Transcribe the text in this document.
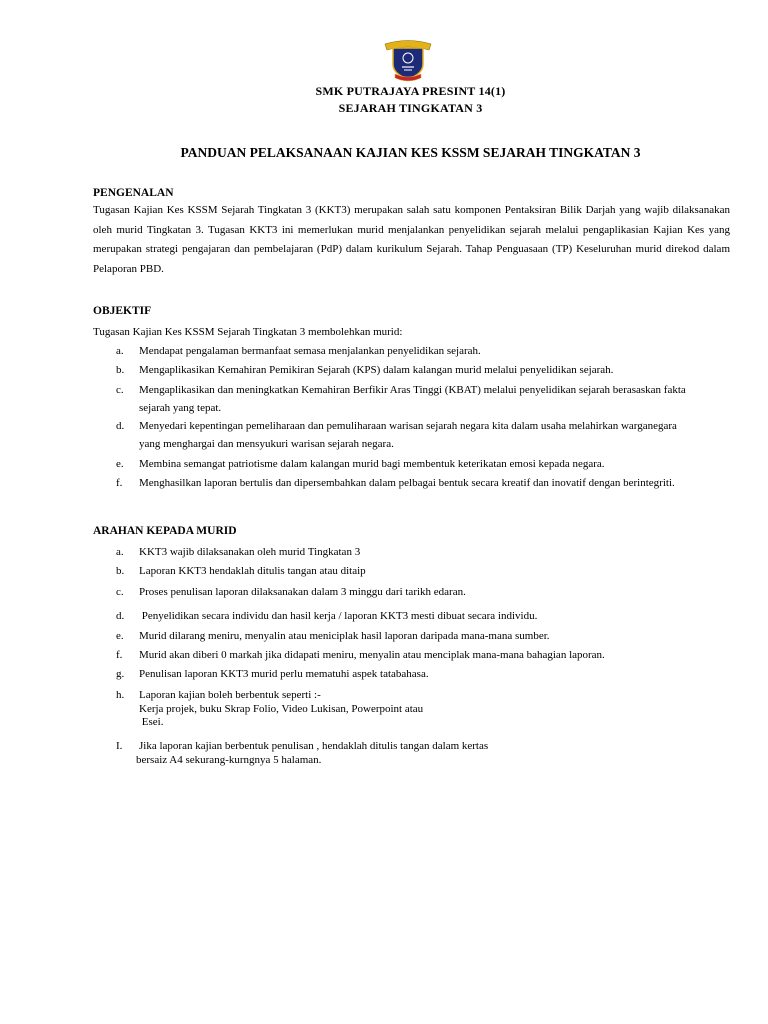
SMK PUTRAJAYA PRESINT 14(1)
SEJARAH TINGKATAN 3
PANDUAN PELAKSANAAN KAJIAN KES KSSM SEJARAH TINGKATAN 3
PENGENALAN
Tugasan Kajian Kes KSSM Sejarah Tingkatan 3 (KKT3) merupakan salah satu komponen Pentaksiran Bilik Darjah yang wajib dilaksanakan oleh murid Tingkatan 3. Tugasan KKT3 ini memerlukan murid menjalankan penyelidikan sejarah melalui pengaplikasian Kajian Kes yang merupakan strategi pengajaran dan pembelajaran (PdP) dalam kurikulum Sejarah. Tahap Penguasaan (TP) Keseluruhan murid direkod dalam Pelaporan PBD.
OBJEKTIF
Tugasan Kajian Kes KSSM Sejarah Tingkatan 3 membolehkan murid:
a.	Mendapat pengalaman bermanfaat semasa menjalankan penyelidikan sejarah.
b.	Mengaplikasikan Kemahiran Pemikiran Sejarah (KPS) dalam kalangan murid melalui penyelidikan sejarah.
c.	Mengaplikasikan dan meningkatkan Kemahiran Berfikir Aras Tinggi (KBAT) melalui penyelidikan sejarah berasaskan fakta
sejarah yang tepat.
d.	Menyedari kepentingan pemeliharaan dan pemuliharaan warisan sejarah negara kita dalam usaha melahirkan warganegara
yang menghargai dan mensyukuri warisan sejarah negara.
e.	Membina semangat patriotisme dalam kalangan murid bagi membentuk keterikatan emosi kepada negara.
f.	Menghasilkan laporan bertulis dan dipersembahkan dalam pelbagai bentuk secara kreatif dan inovatif dengan berintegriti.
ARAHAN KEPADA MURID
a.	KKT3 wajib dilaksanakan oleh murid Tingkatan 3
b.	Laporan KKT3 hendaklah ditulis tangan atau ditaip
c.	Proses penulisan laporan dilaksanakan dalam 3 minggu dari tarikh edaran.
d.	Penyelidikan secara individu dan hasil kerja / laporan KKT3 mesti dibuat secara individu.
e.	Murid dilarang meniru, menyalin atau meniciplak hasil laporan daripada mana-mana sumber.
f.	Murid akan diberi 0 markah jika didapati meniru, menyalin atau menciplak mana-mana bahagian laporan.
g.	Penulisan laporan KKT3 murid perlu mematuhi aspek tatabahasa.
h.	Laporan kajian boleh berbentuk seperti :-
Kerja projek, buku Skrap Folio, Video Lukisan, Powerpoint atau
Esei.
I.	Jika laporan kajian berbentuk penulisan , hendaklah ditulis tangan dalam kertas
bersaiz A4 sekurang-kurngnya 5 halaman.
